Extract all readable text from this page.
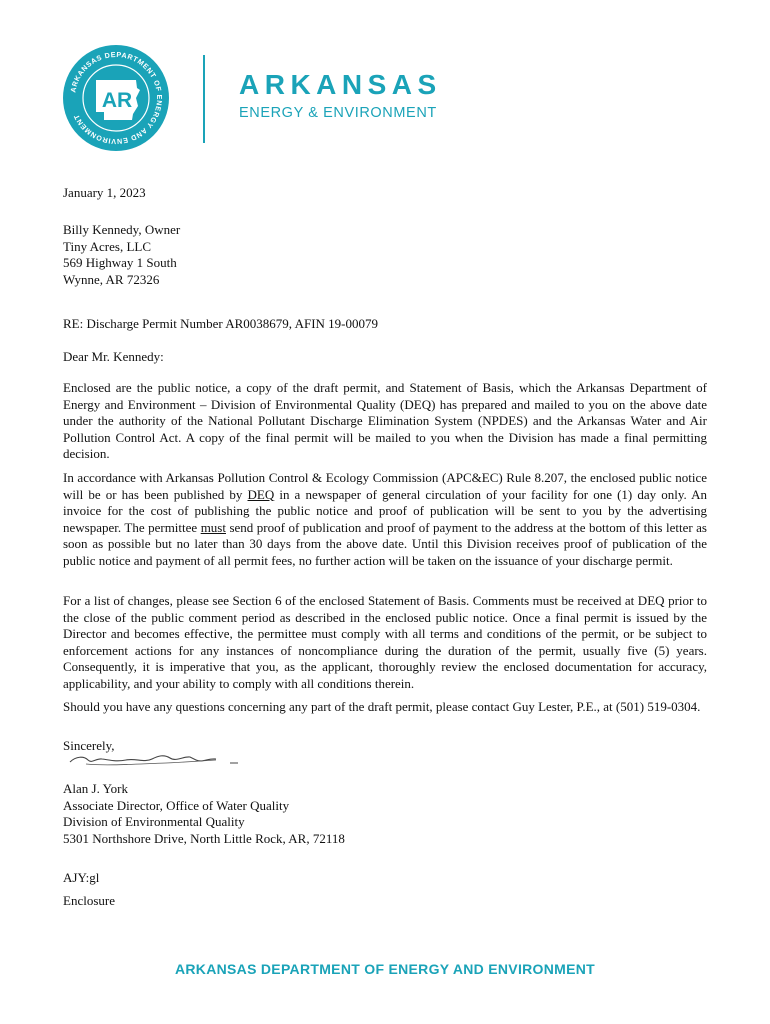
ARKANSAS DEPARTMENT OF ENERGY AND ENVIRONMENT
AR
ARKANSAS
ENERGY & ENVIRONMENT

January 1, 2023

Billy Kennedy, Owner

Tiny Acres, LLC

569 Highway 1 South

Wynne, AR 72326

RE: Discharge Permit Number AR0038679, AFIN 19-00079

Dear Mr. Kennedy:

Enclosed are the public notice, a copy of the draft permit, and Statement of Basis, which the Arkansas Department of Energy and Environment – Division of Environmental Quality (DEQ) has prepared and mailed to you on the above date under the authority of the National Pollutant Discharge Elimination System (NPDES) and the Arkansas Water and Air Pollution Control Act. A copy of the final permit will be mailed to you when the Division has made a final permitting decision.

In accordance with Arkansas Pollution Control & Ecology Commission (APC&EC) Rule 8.207, the enclosed public notice will be or has been published by DEQ in a newspaper of general circulation of your facility for one (1) day only. An invoice for the cost of publishing the public notice and proof of publication will be sent to you by the advertising newspaper. The permittee must send proof of publication and proof of payment to the address at the bottom of this letter as soon as possible but no later than 30 days from the above date. Until this Division receives proof of publication of the public notice and payment of all permit fees, no further action will be taken on the issuance of your discharge permit.

For a list of changes, please see Section 6 of the enclosed Statement of Basis. Comments must be received at DEQ prior to the close of the public comment period as described in the enclosed public notice. Once a final permit is issued by the Director and becomes effective, the permittee must comply with all terms and conditions of the permit, or be subject to enforcement actions for any instances of noncompliance during the duration of the permit, usually five (5) years. Consequently, it is imperative that you, as the applicant, thoroughly review the enclosed documentation for accuracy, applicability, and your ability to comply with all conditions therein.

Should you have any questions concerning any part of the draft permit, please contact Guy Lester, P.E., at (501) 519-0304.

Sincerely,

Alan J. York

Associate Director, Office of Water Quality

Division of Environmental Quality

5301 Northshore Drive, North Little Rock, AR, 72118

AJY:gl

Enclosure

ARKANSAS DEPARTMENT OF ENERGY AND ENVIRONMENT
